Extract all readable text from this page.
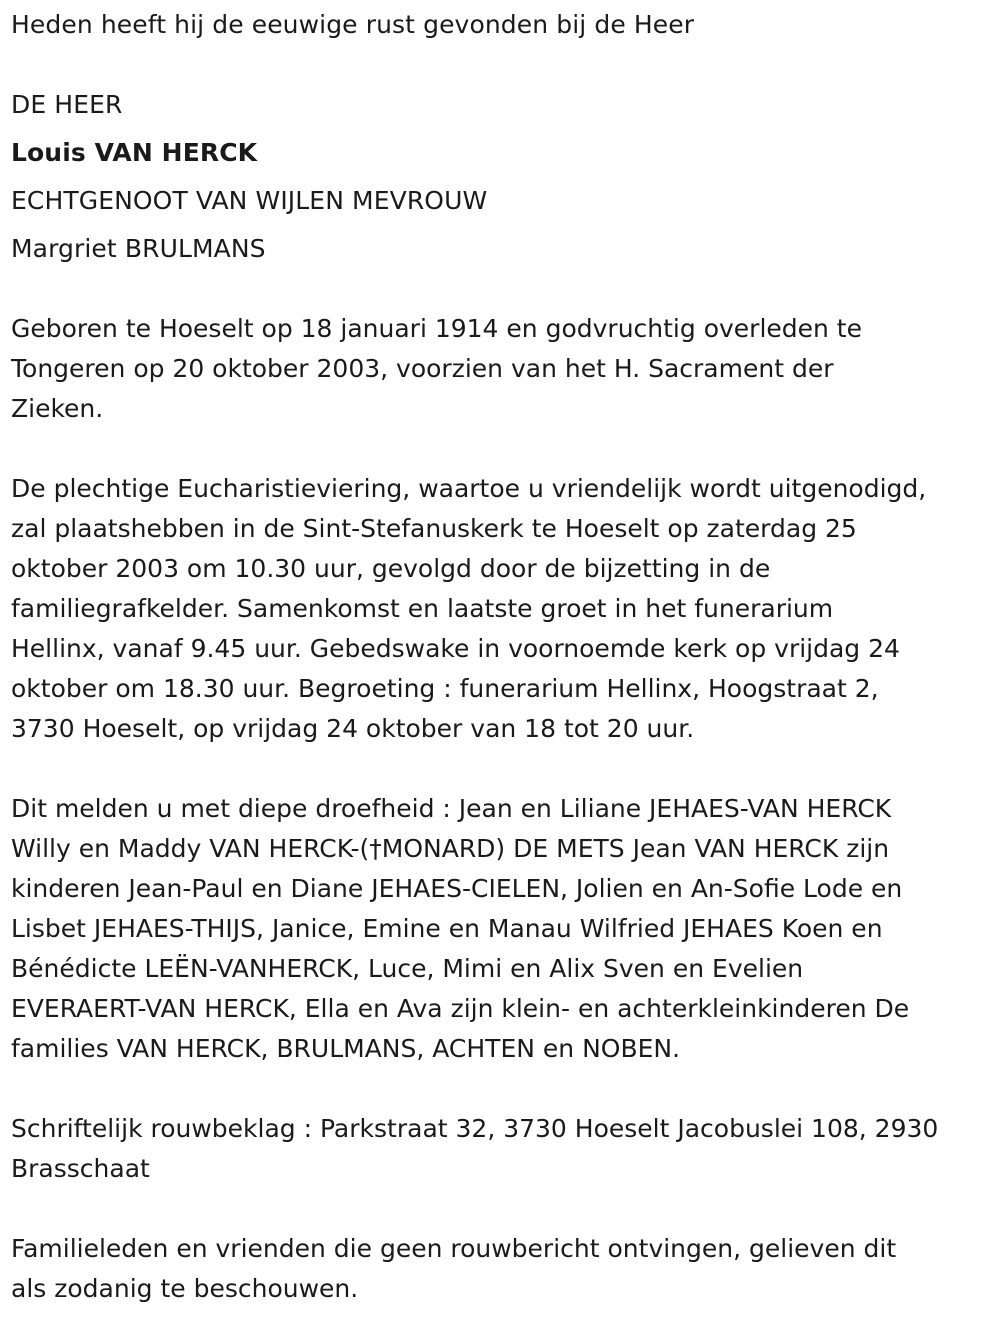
Heden heeft hij de eeuwige rust gevonden bij de Heer

DE HEER

Louis VAN HERCK

ECHTGENOOT VAN WIJLEN MEVROUW

Margriet BRULMANS

Geboren te Hoeselt op 18 januari 1914 en godvruchtig overleden te
Tongeren op 20 oktober 2003, voorzien van het H. Sacrament der
Zieken.
De plechtige Eucharistieviering, waartoe u vriendelijk wordt uitgenodigd,
zal plaatshebben in de Sint-Stefanuskerk te Hoeselt op zaterdag 25
oktober 2003 om 10.30 uur, gevolgd door de bijzetting in de
familiegrafkelder. Samenkomst en laatste groet in het funerarium
Hellinx, vanaf 9.45 uur. Gebedswake in voornoemde kerk op vrijdag 24
oktober om 18.30 uur. Begroeting : funerarium Hellinx, Hoogstraat 2,
3730 Hoeselt, op vrijdag 24 oktober van 18 tot 20 uur.
Dit melden u met diepe droefheid : Jean en Liliane JEHAES-VAN HERCK
Willy en Maddy VAN HERCK-(†MONARD) DE METS Jean VAN HERCK zijn
kinderen Jean-Paul en Diane JEHAES-CIELEN, Jolien en An-Sofie Lode en
Lisbet JEHAES-THIJS, Janice, Emine en Manau Wilfried JEHAES Koen en
Bénédicte LEËN-VANHERCK, Luce, Mimi en Alix Sven en Evelien
EVERAERT-VAN HERCK, Ella en Ava zijn klein- en achterkleinkinderen De
families VAN HERCK, BRULMANS, ACHTEN en NOBEN.
Schriftelijk rouwbeklag : Parkstraat 32, 3730 Hoeselt Jacobuslei 108, 2930
Brasschaat
Familieleden en vrienden die geen rouwbericht ontvingen, gelieven dit
als zodanig te beschouwen.
